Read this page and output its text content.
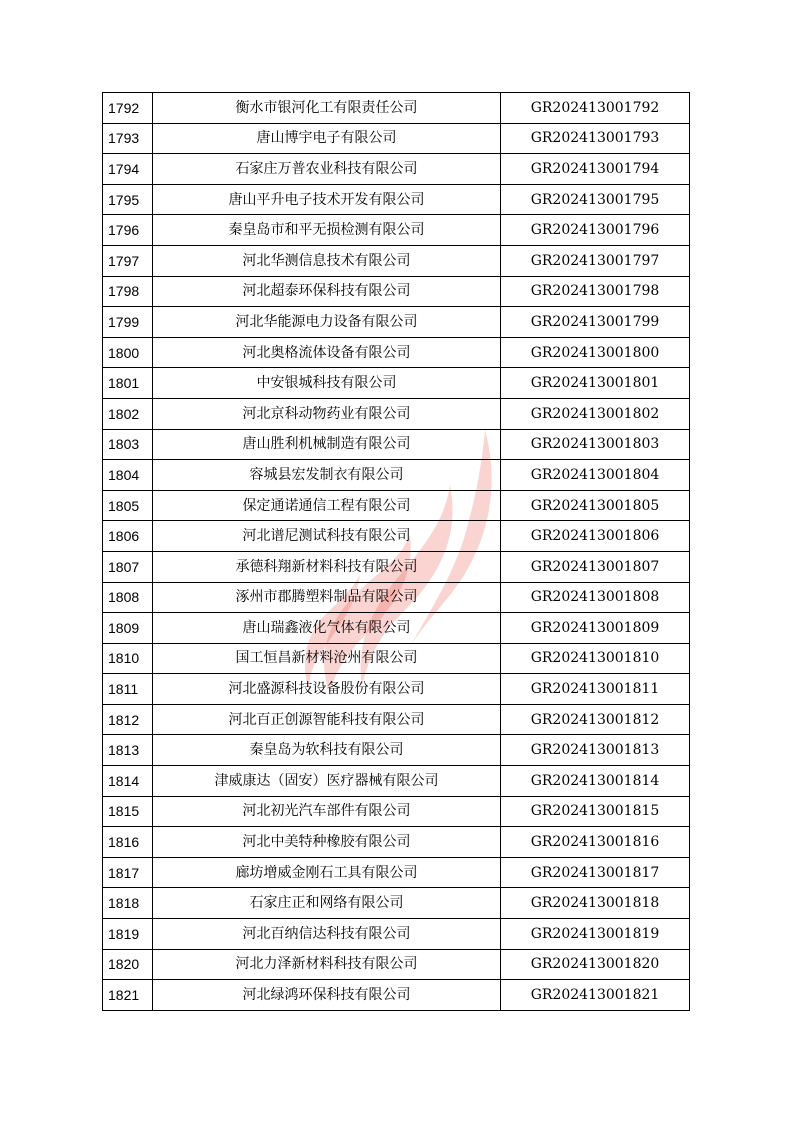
1792	衡水市银河化工有限责任公司	GR202413001792
1793	唐山博宇电子有限公司	GR202413001793
1794	石家庄万普农业科技有限公司	GR202413001794
1795	唐山平升电子技术开发有限公司	GR202413001795
1796	秦皇岛市和平无损检测有限公司	GR202413001796
1797	河北华测信息技术有限公司	GR202413001797
1798	河北超泰环保科技有限公司	GR202413001798
1799	河北华能源电力设备有限公司	GR202413001799
1800	河北奥格流体设备有限公司	GR202413001800
1801	中安银城科技有限公司	GR202413001801
1802	河北京科动物药业有限公司	GR202413001802
1803	唐山胜利机械制造有限公司	GR202413001803
1804	容城县宏发制衣有限公司	GR202413001804
1805	保定通诺通信工程有限公司	GR202413001805
1806	河北谱尼测试科技有限公司	GR202413001806
1807	承德科翔新材料科技有限公司	GR202413001807
1808	涿州市郡腾塑料制品有限公司	GR202413001808
1809	唐山瑞鑫液化气体有限公司	GR202413001809
1810	国工恒昌新材料沧州有限公司	GR202413001810
1811	河北盛源科技设备股份有限公司	GR202413001811
1812	河北百正创源智能科技有限公司	GR202413001812
1813	秦皇岛为软科技有限公司	GR202413001813
1814	津威康达（固安）医疗器械有限公司	GR202413001814
1815	河北初光汽车部件有限公司	GR202413001815
1816	河北中美特种橡胶有限公司	GR202413001816
1817	廊坊增威金刚石工具有限公司	GR202413001817
1818	石家庄正和网络有限公司	GR202413001818
1819	河北百纳信达科技有限公司	GR202413001819
1820	河北力泽新材料科技有限公司	GR202413001820
1821	河北绿鸿环保科技有限公司	GR202413001821
